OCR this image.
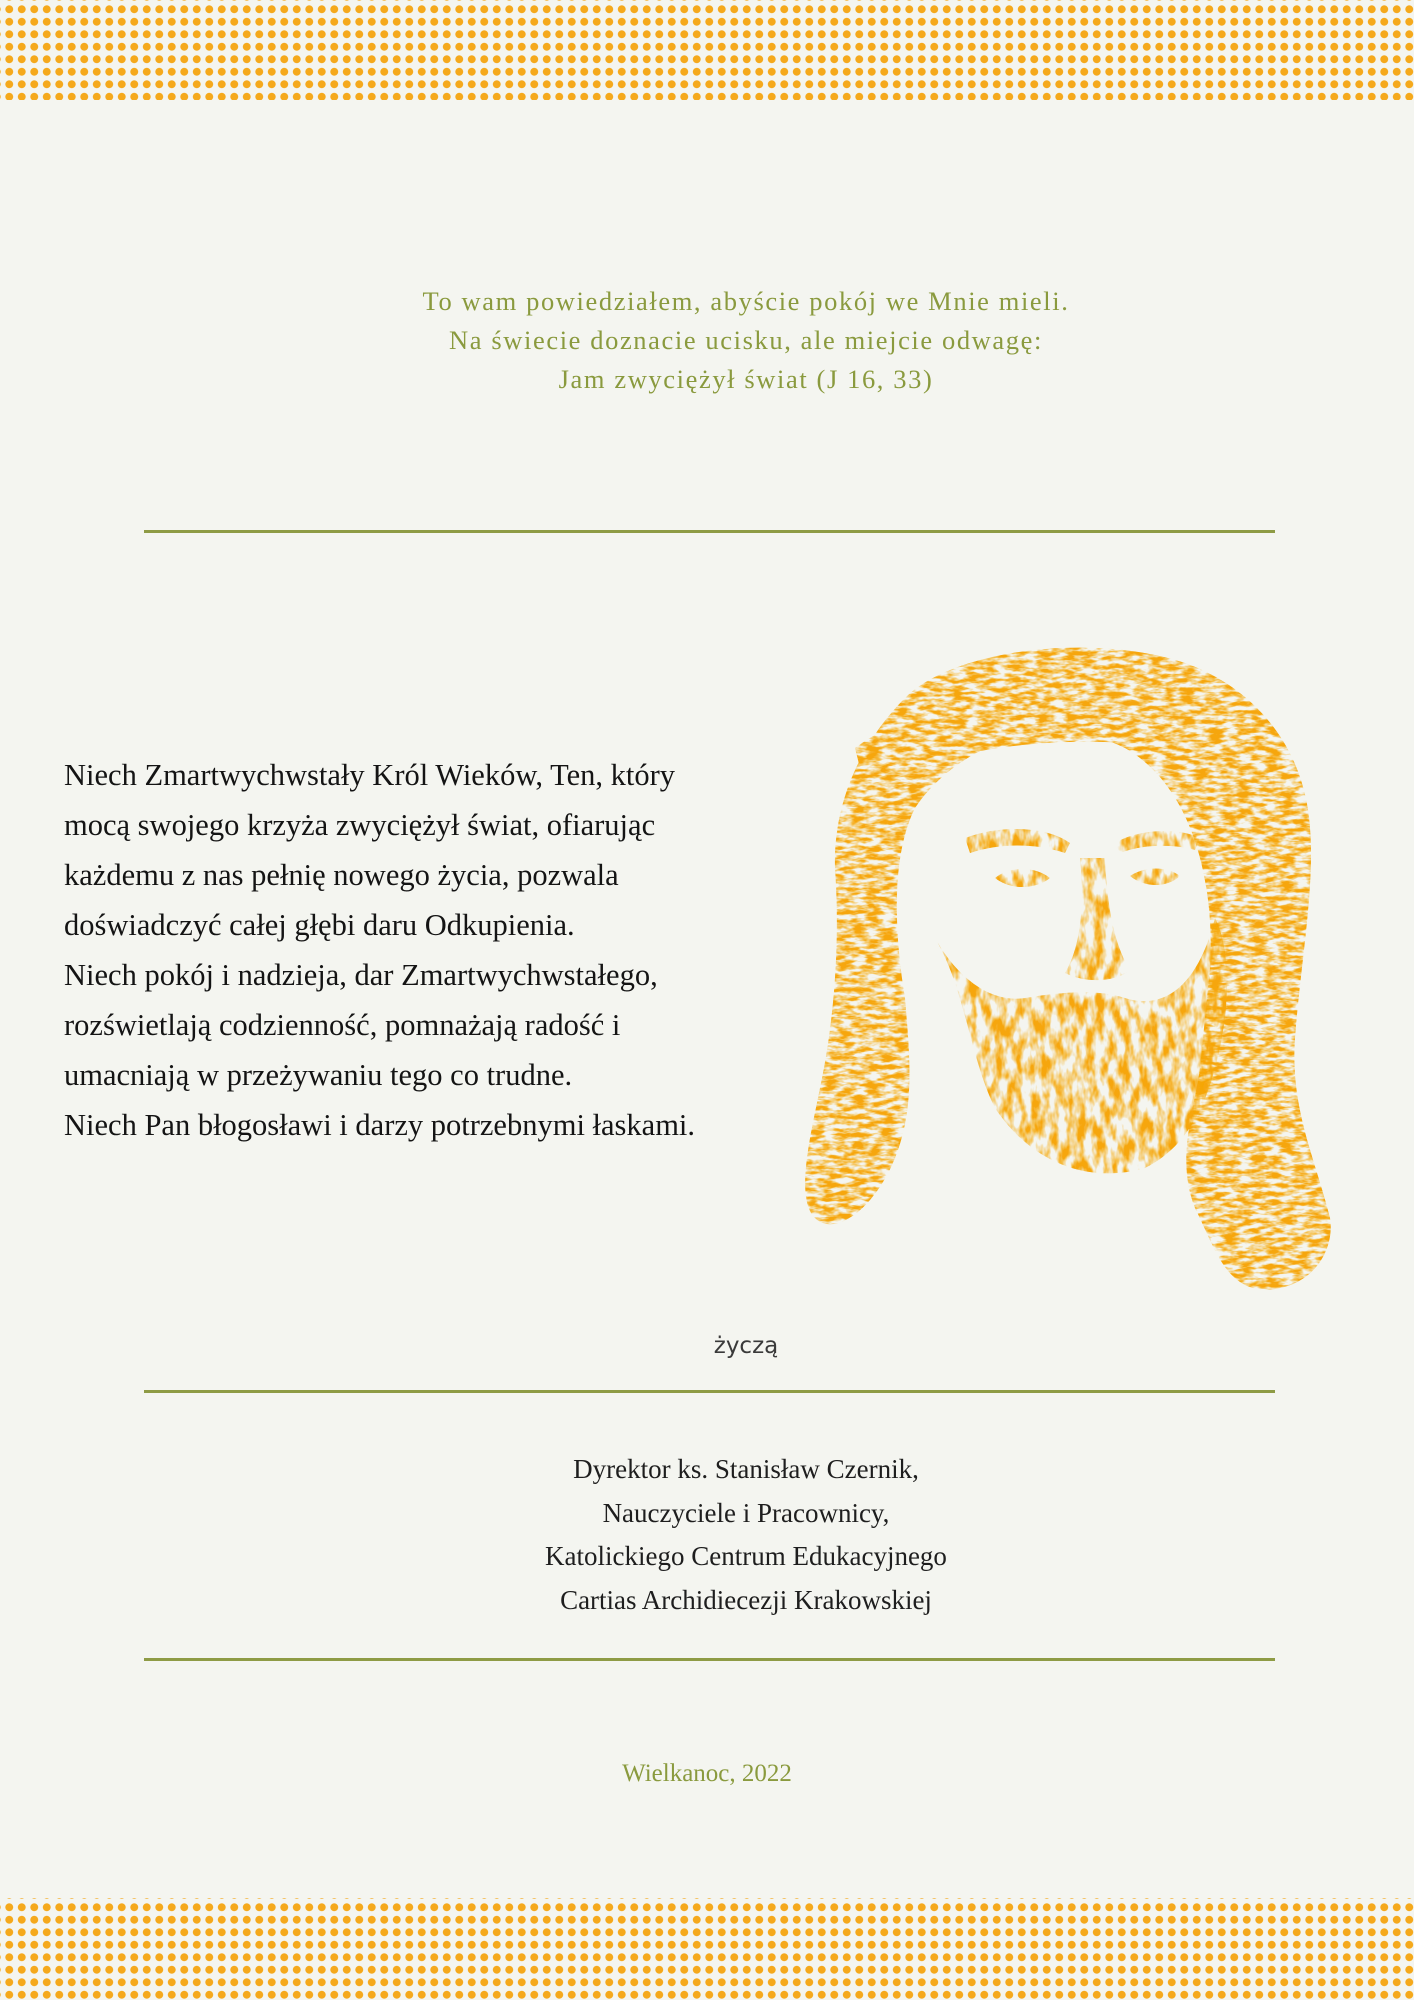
To wam powiedziałem, abyście pokój we Mnie mieli.
Na świecie doznacie ucisku, ale miejcie odwagę:
Jam zwyciężył świat (J 16, 33)
Niech Zmartwychwstały Król Wieków, Ten, który
mocą swojego krzyża zwyciężył świat, ofiarując
każdemu z nas pełnię nowego życia, pozwala
doświadczyć całej głębi daru Odkupienia.
Niech pokój i nadzieja, dar Zmartwychwstałego,
rozświetlają codzienność, pomnażają radość i
umacniają w przeżywaniu tego co trudne.
Niech Pan błogosławi i darzy potrzebnymi łaskami.
życzą
Dyrektor ks. Stanisław Czernik,
Nauczyciele i Pracownicy,
Katolickiego Centrum Edukacyjnego
Cartias Archidiecezji Krakowskiej
Wielkanoc, 2022
